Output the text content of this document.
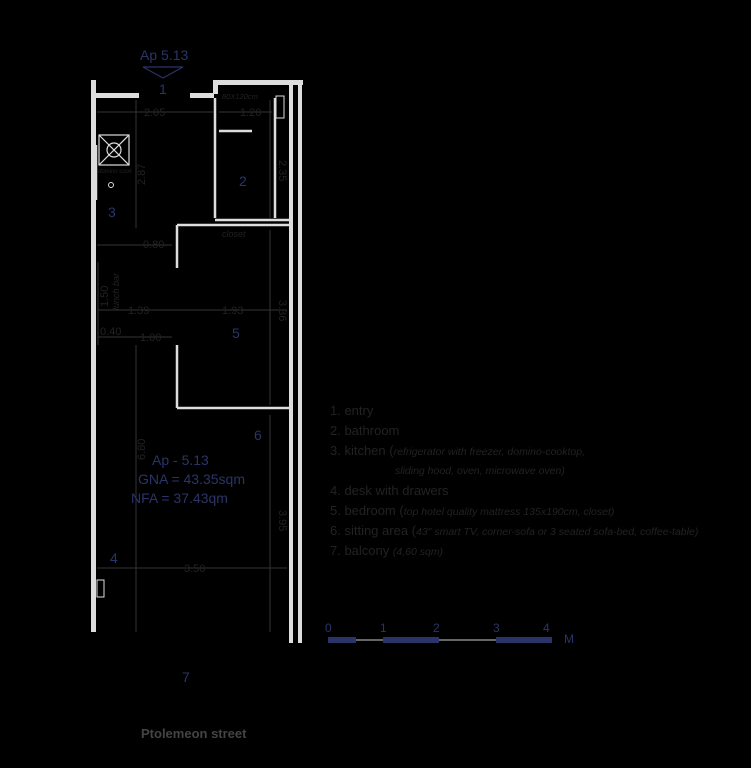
Ap 5.13
1
domino cook
2.05	1.20
80X120cm
2.35
2.87
closet
0.80
1.50 lunch bar
1.39	1.93	3.36
0.40 1.00
6.80
3.95
3.50
2
3
5
6
4
7
Ap - 5.13
GNA = 43.35sqm
NFA = 37.43qm
1. entry
2. bathroom
3. kitchen (refrigerator with freezer, domino-cooktop,
sliding hood, oven, microwave oven)
4. desk with drawers
5. bedroom (top hotel quality mattress 135x190cm, closet)
6. sitting area (43" smart TV, corner-sofa or 3 seated sofa-bed, coffee-table)
7. balcony (4,60 sqm)
0	1	2	3	4
M
Ptolemeon street
